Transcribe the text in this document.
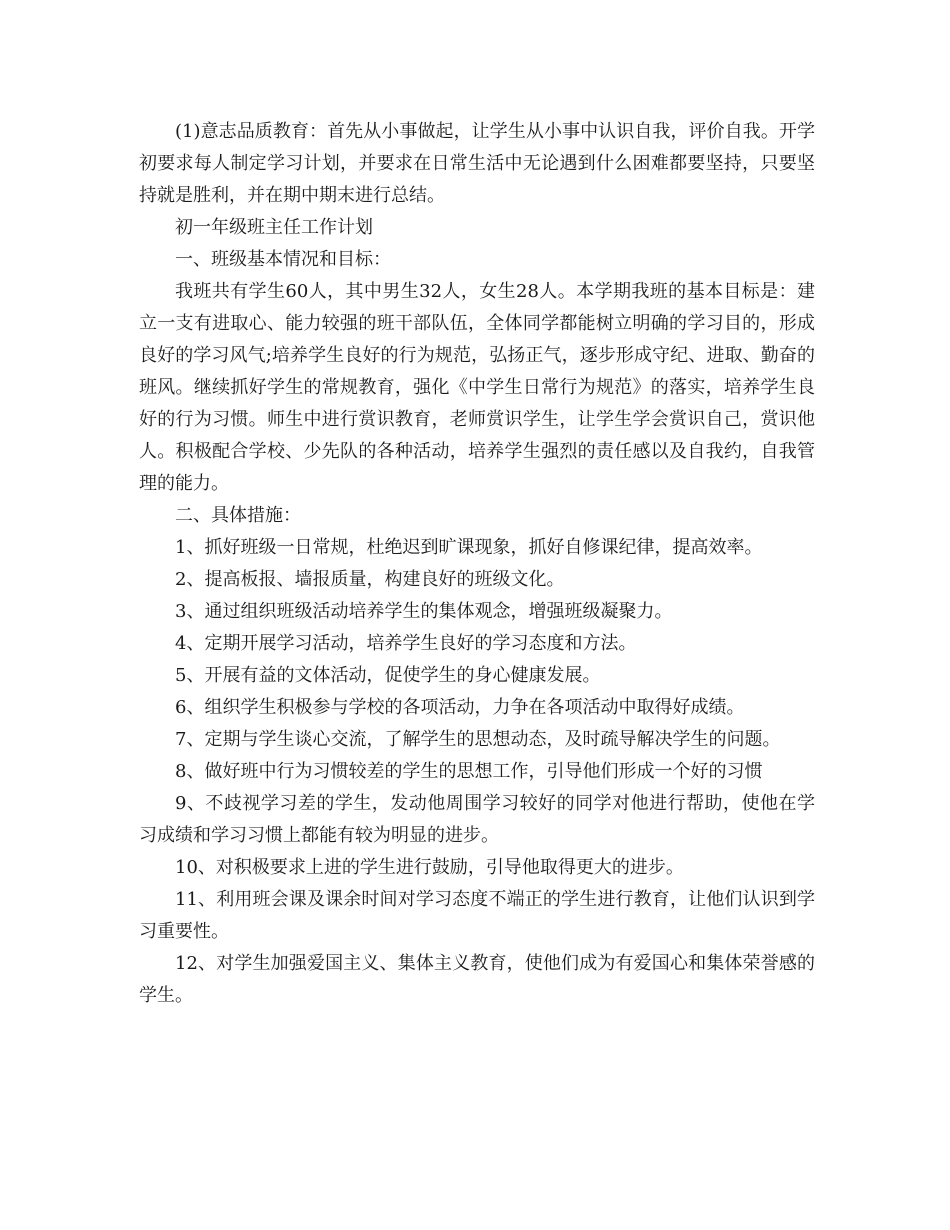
(1)意志品质教育：首先从小事做起，让学生从小事中认识自我，评价自我。开学初要求每人制定学习计划，并要求在日常生活中无论遇到什么困难都要坚持，只要坚持就是胜利，并在期中期末进行总结。

初一年级班主任工作计划

一、班级基本情况和目标：

我班共有学生60人，其中男生32人，女生28人。本学期我班的基本目标是：建立一支有进取心、能力较强的班干部队伍，全体同学都能树立明确的学习目的，形成良好的学习风气;培养学生良好的行为规范，弘扬正气，逐步形成守纪、进取、勤奋的班风。继续抓好学生的常规教育，强化《中学生日常行为规范》的落实，培养学生良好的行为习惯。师生中进行赏识教育，老师赏识学生，让学生学会赏识自己，赏识他人。积极配合学校、少先队的各种活动，培养学生强烈的责任感以及自我约，自我管理的能力。

二、具体措施：

1、抓好班级一日常规，杜绝迟到旷课现象，抓好自修课纪律，提高效率。

2、提高板报、墙报质量，构建良好的班级文化。

3、通过组织班级活动培养学生的集体观念，增强班级凝聚力。

4、定期开展学习活动，培养学生良好的学习态度和方法。

5、开展有益的文体活动，促使学生的身心健康发展。

6、组织学生积极参与学校的各项活动，力争在各项活动中取得好成绩。

7、定期与学生谈心交流，了解学生的思想动态，及时疏导解决学生的问题。

8、做好班中行为习惯较差的学生的思想工作，引导他们形成一个好的习惯

9、不歧视学习差的学生，发动他周围学习较好的同学对他进行帮助，使他在学习成绩和学习习惯上都能有较为明显的进步。

10、对积极要求上进的学生进行鼓励，引导他取得更大的进步。

11、利用班会课及课余时间对学习态度不端正的学生进行教育，让他们认识到学习重要性。

12、对学生加强爱国主义、集体主义教育，使他们成为有爱国心和集体荣誉感的学生。
